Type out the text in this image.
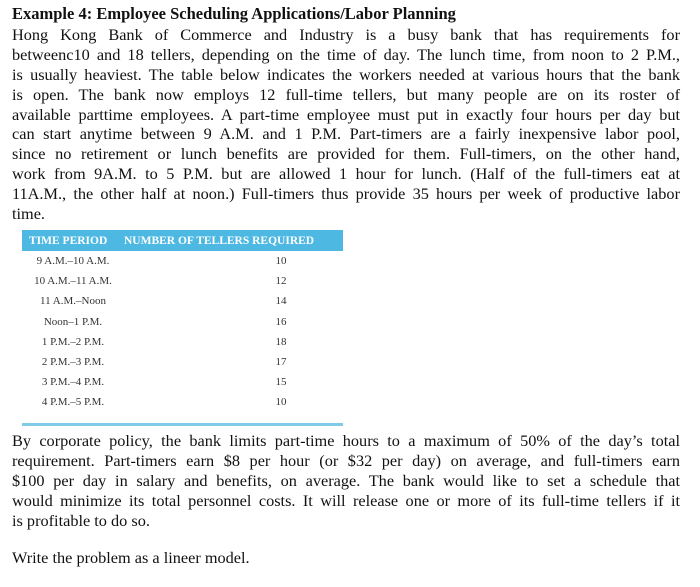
Example 4: Employee Scheduling Applications/Labor Planning
Hong Kong Bank of Commerce and Industry is a busy bank that has requirements for
betweenc10 and 18 tellers, depending on the time of day. The lunch time, from noon to 2 P.M.,
is usually heaviest. The table below indicates the workers needed at various hours that the bank
is open. The bank now employs 12 full-time tellers, but many people are on its roster of
available parttime employees. A part-time employee must put in exactly four hours per day but
can start anytime between 9 A.M. and 1 P.M. Part-timers are a fairly inexpensive labor pool,
since no retirement or lunch benefits are provided for them. Full-timers, on the other hand,
work from 9A.M. to 5 P.M. but are allowed 1 hour for lunch. (Half of the full-timers eat at
11A.M., the other half at noon.) Full-timers thus provide 35 hours per week of productive labor
time.
TIME PERIOD	NUMBER OF TELLERS REQUIRED
9 A.M.–10 A.M.	10
10 A.M.–11 A.M.	12
11 A.M.–Noon	14
Noon–1 P.M.	16
1 P.M.–2 P.M.	18
2 P.M.–3 P.M.	17
3 P.M.–4 P.M.	15
4 P.M.–5 P.M.	10
By corporate policy, the bank limits part-time hours to a maximum of 50% of the day’s total
requirement. Part-timers earn $8 per hour (or $32 per day) on average, and full-timers earn
$100 per day in salary and benefits, on average. The bank would like to set a schedule that
would minimize its total personnel costs. It will release one or more of its full-time tellers if it
is profitable to do so.
Write the problem as a lineer model.
